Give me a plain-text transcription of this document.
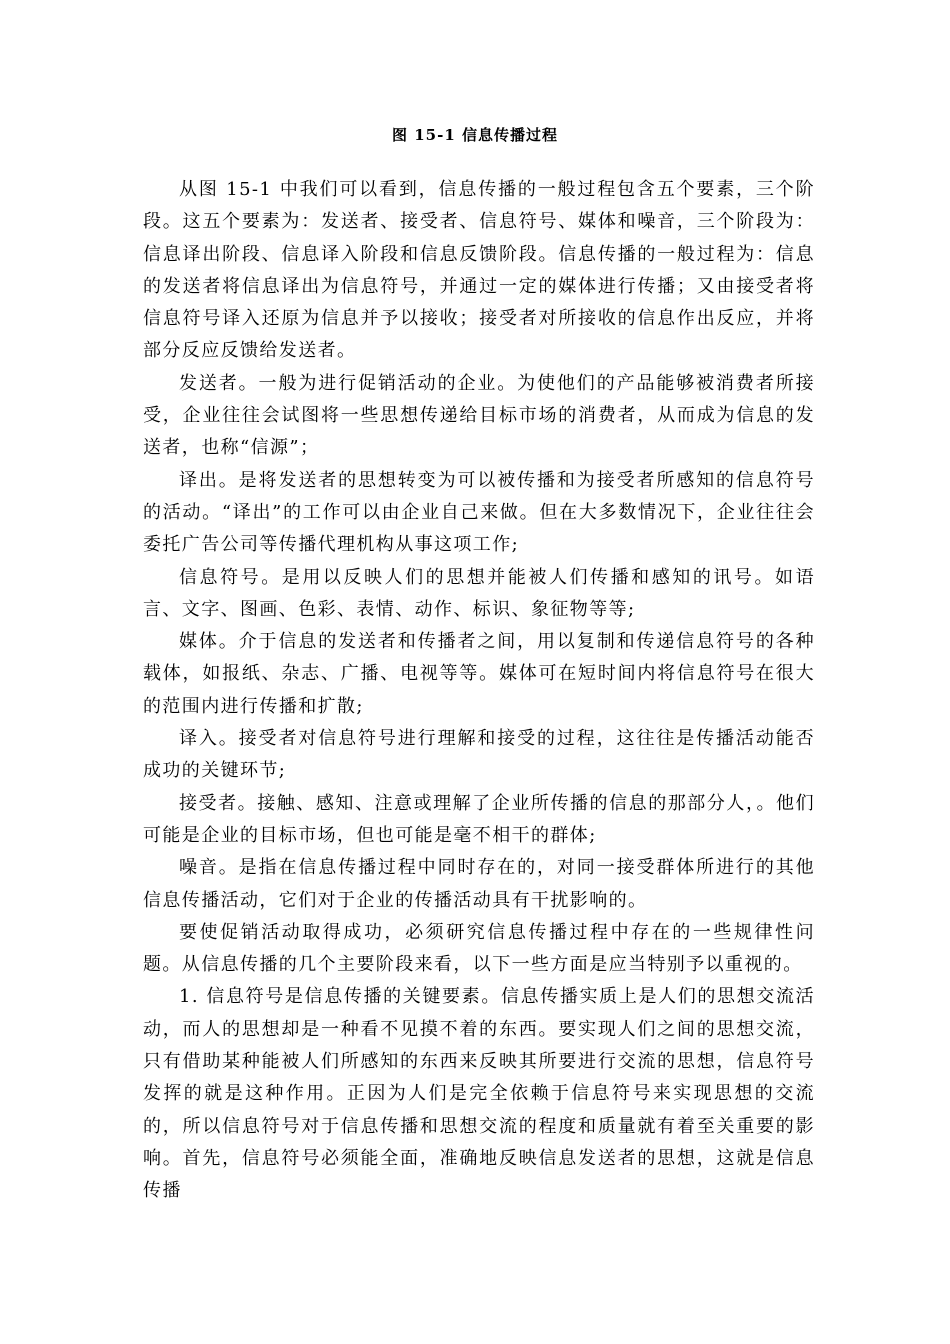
图 15-1 信息传播过程

从图 15-1 中我们可以看到，信息传播的一般过程包含五个要素，三个阶段。这五个要素为：发送者、接受者、信息符号、媒体和噪音，三个阶段为：信息译出阶段、信息译入阶段和信息反馈阶段。信息传播的一般过程为：信息的发送者将信息译出为信息符号，并通过一定的媒体进行传播；又由接受者将信息符号译入还原为信息并予以接收；接受者对所接收的信息作出反应，并将部分反应反馈给发送者。

发送者。一般为进行促销活动的企业。为使他们的产品能够被消费者所接受，企业往往会试图将一些思想传递给目标市场的消费者，从而成为信息的发送者，也称“信源”；

译出。是将发送者的思想转变为可以被传播和为接受者所感知的信息符号的活动。“译出”的工作可以由企业自己来做。但在大多数情况下，企业往往会委托广告公司等传播代理机构从事这项工作;

信息符号。是用以反映人们的思想并能被人们传播和感知的讯号。如语言、文字、图画、色彩、表情、动作、标识、象征物等等;

媒体。介于信息的发送者和传播者之间，用以复制和传递信息符号的各种载体，如报纸、杂志、广播、电视等等。媒体可在短时间内将信息符号在很大的范围内进行传播和扩散;

译入。接受者对信息符号进行理解和接受的过程，这往往是传播活动能否成功的关键环节;

接受者。接触、感知、注意或理解了企业所传播的信息的那部分人，。他们可能是企业的目标市场，但也可能是毫不相干的群体;

噪音。是指在信息传播过程中同时存在的，对同一接受群体所进行的其他信息传播活动，它们对于企业的传播活动具有干扰影响的。

要使促销活动取得成功，必须研究信息传播过程中存在的一些规律性问题。从信息传播的几个主要阶段来看，以下一些方面是应当特别予以重视的。

1. 信息符号是信息传播的关键要素。信息传播实质上是人们的思想交流活动，而人的思想却是一种看不见摸不着的东西。要实现人们之间的思想交流，只有借助某种能被人们所感知的东西来反映其所要进行交流的思想，信息符号发挥的就是这种作用。正因为人们是完全依赖于信息符号来实现思想的交流的，所以信息符号对于信息传播和思想交流的程度和质量就有着至关重要的影响。首先，信息符号必须能全面，准确地反映信息发送者的思想，这就是信息传播
